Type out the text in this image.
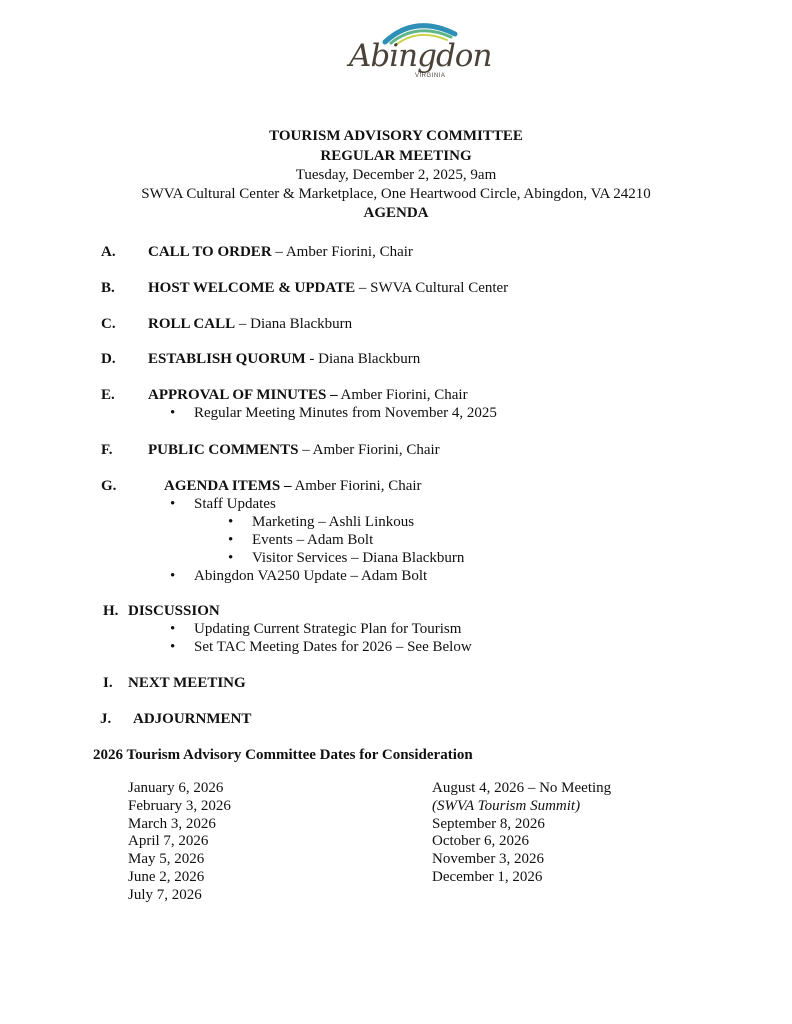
Abingdon
VIRGINIA
TOURISM ADVISORY COMMITTEE
REGULAR MEETING
Tuesday, December 2, 2025, 9am
SWVA Cultural Center & Marketplace, One Heartwood Circle, Abingdon, VA 24210
AGENDA
A. CALL TO ORDER – Amber Fiorini, Chair
B. HOST WELCOME & UPDATE – SWVA Cultural Center
C. ROLL CALL – Diana Blackburn
D. ESTABLISH QUORUM - Diana Blackburn
E. APPROVAL OF MINUTES – Amber Fiorini, Chair
• Regular Meeting Minutes from November 4, 2025
F. PUBLIC COMMENTS – Amber Fiorini, Chair
G.	AGENDA ITEMS – Amber Fiorini, Chair
• Staff Updates
• Marketing – Ashli Linkous
• Events – Adam Bolt
• Visitor Services – Diana Blackburn
• Abingdon VA250 Update – Adam Bolt
H. DISCUSSION
• Updating Current Strategic Plan for Tourism
• Set TAC Meeting Dates for 2026 – See Below
I. NEXT MEETING
J. ADJOURNMENT
2026 Tourism Advisory Committee Dates for Consideration
January 6, 2026
February 3, 2026
March 3, 2026
April 7, 2026
May 5, 2026
June 2, 2026
July 7, 2026
August 4, 2026 – No Meeting
(SWVA Tourism Summit)
September 8, 2026
October 6, 2026
November 3, 2026
December 1, 2026
